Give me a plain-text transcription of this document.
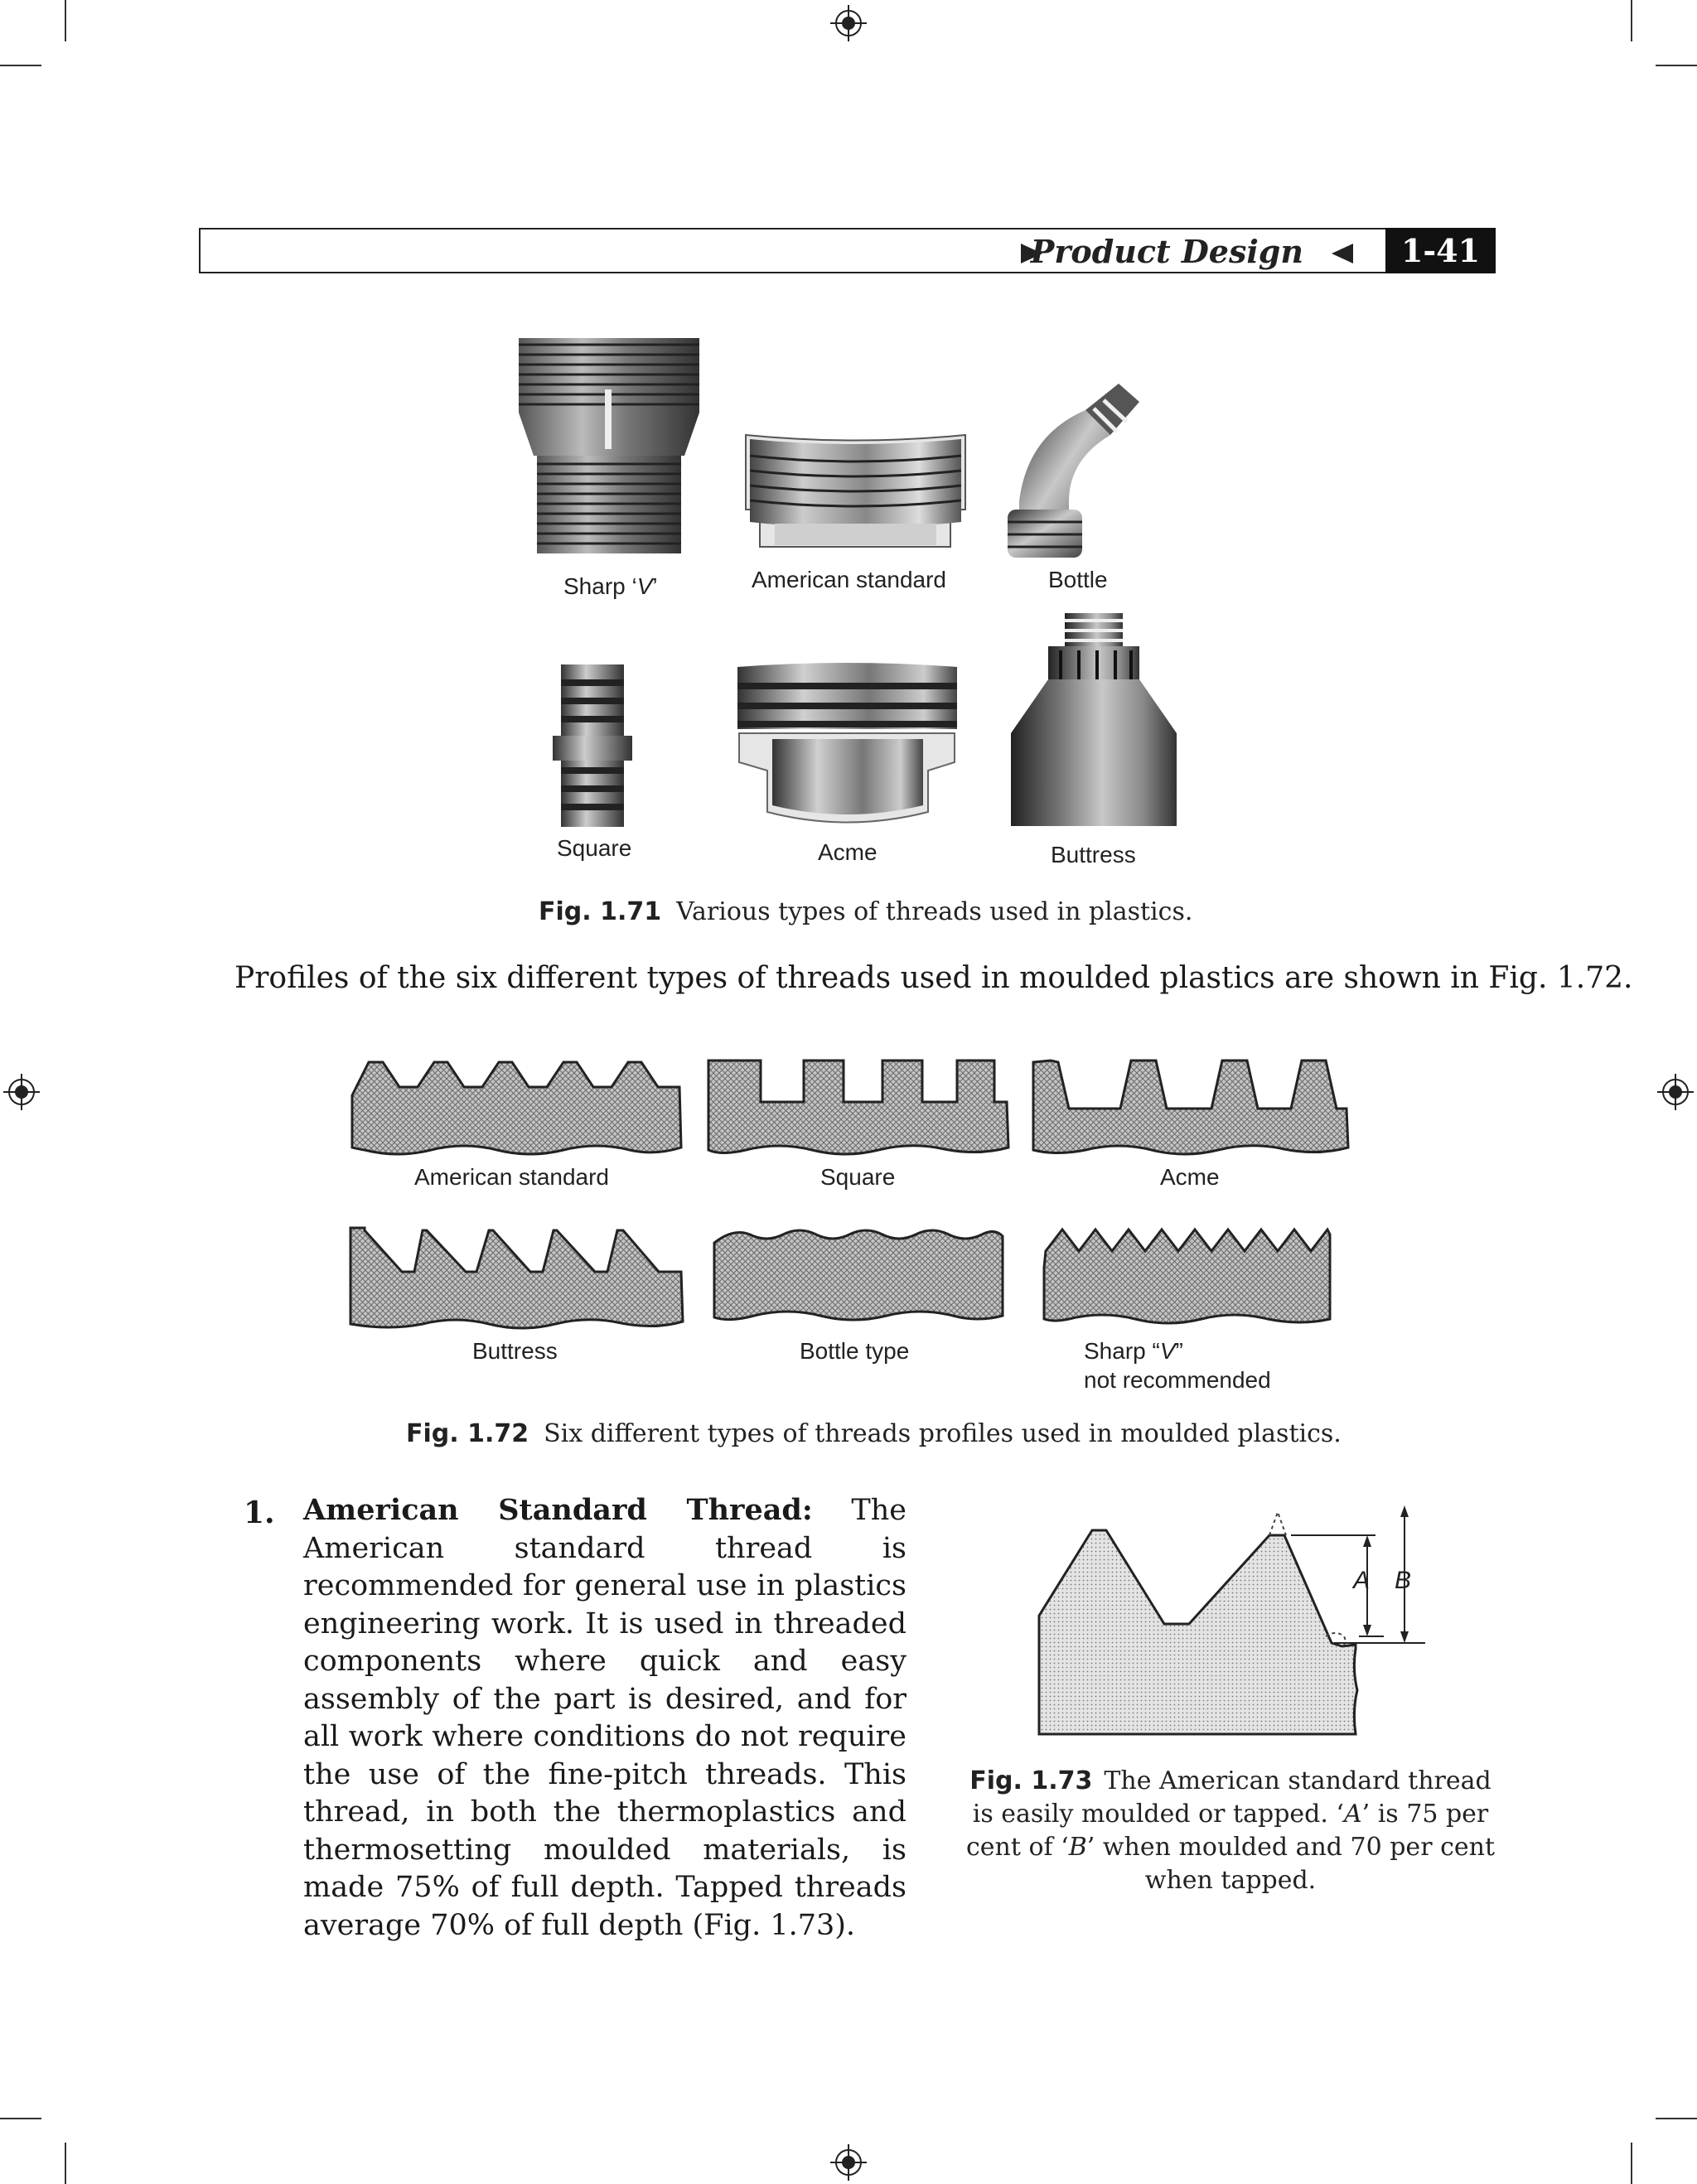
Product Design	1-41
Sharp ‘V’	American standard	Bottle
Square	Acme	Buttress
Fig. 1.71 Various types of threads used in plastics.
Profiles of the six different types of threads used in moulded plastics are shown in Fig. 1.72.
American standard	Square	Acme
Buttress	Bottle type	Sharp “V”
not recommended
Fig. 1.72 Six different types of threads profiles used in moulded plastics.
1. American Standard Thread: The American standard thread is recommended for general use in plastics engineering work. It is used in threaded components where quick and easy assembly of the part is desired, and for all work where conditions do not require the use of the fine-pitch threads. This thread, in both the thermoplastics and thermosetting moulded materials, is made 75% of full depth. Tapped threads average 70% of full depth (Fig. 1.73).
A B
Fig. 1.73 The American standard thread is easily moulded or tapped. ‘A’ is 75 per cent of ‘B’ when moulded and 70 per cent when tapped.
